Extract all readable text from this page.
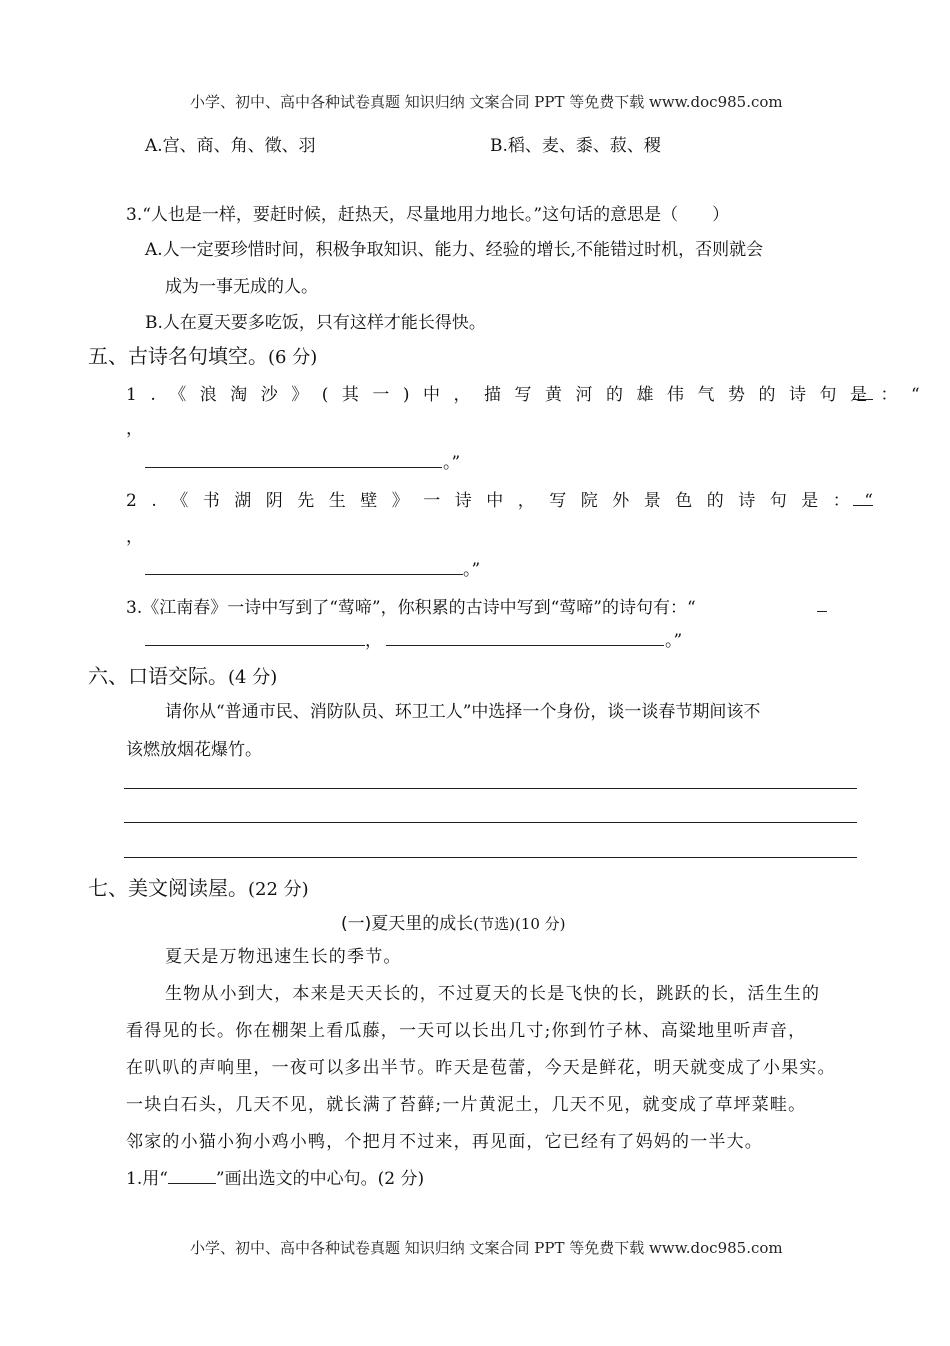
小学、初中、高中各种试卷真题 知识归纳 文案合同 PPT 等免费下载 www.doc985.com
A.宫、商、角、徵、羽	B.稻、麦、黍、菽、稷
3.“人也是一样，要赶时候，赶热天，尽量地用力地长。”这句话的意思是（　　）
A.人一定要珍惜时间，积极争取知识、能力、经验的增长,不能错过时机，否则就会
成为一事无成的人。
B.人在夏天要多吃饭，只有这样才能长得快。
五、古诗名句填空。(6 分)
1.《浪淘沙》(其一)中，描写黄河的雄伟气势的诗句是：“
，
。”
2.《书湖阴先生壁》一诗中，写院外景色的诗句是：“
，
。”
3.《江南春》一诗中写到了“莺啼”，你积累的古诗中写到“莺啼”的诗句有：“
，	。”
六、口语交际。(4 分)
请你从“普通市民、消防队员、环卫工人”中选择一个身份，谈一谈春节期间该不
该燃放烟花爆竹。
七、美文阅读屋。(22 分)
(一)夏天里的成长(节选)(10 分)
夏天是万物迅速生长的季节。
生物从小到大，本来是天天长的，不过夏天的长是飞快的长，跳跃的长，活生生的
看得见的长。你在棚架上看瓜藤，一天可以长出几寸;你到竹子林、高粱地里听声音，
在叭叭的声响里，一夜可以多出半节。昨天是苞蕾，今天是鲜花，明天就变成了小果实。
一块白石头，几天不见，就长满了苔藓;一片黄泥土，几天不见，就变成了草坪菜畦。
邻家的小猫小狗小鸡小鸭，个把月不过来，再见面，它已经有了妈妈的一半大。
1.用“	”画出选文的中心句。(2 分)
小学、初中、高中各种试卷真题 知识归纳 文案合同 PPT 等免费下载 www.doc985.com
